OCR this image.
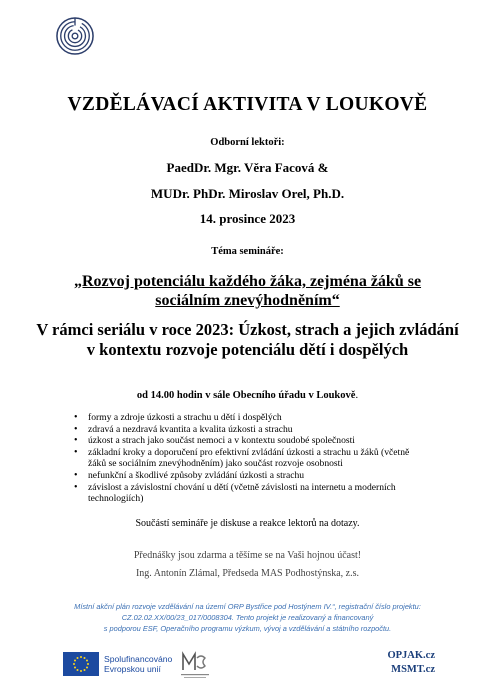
VZDĚLÁVACÍ AKTIVITA V LOUKOVĚ
Odborní lektoři:
PaedDr. Mgr. Věra Facová &
MUDr. PhDr. Miroslav Orel, Ph.D.
14. prosince 2023
Téma semináře:
„Rozvoj potenciálu každého žáka, zejména žáků se sociálním znevýhodněním“
V rámci seriálu v roce 2023: Úzkost, strach a jejich zvládání v kontextu rozvoje potenciálu dětí i dospělých
od 14.00 hodin v sále Obecního úřadu v Loukově.
• formy a zdroje úzkosti a strachu u dětí i dospělých
• zdravá a nezdravá kvantita a kvalita úzkosti a strachu
• úzkost a strach jako součást nemoci a v kontextu soudobé společnosti
• základní kroky a doporučení pro efektivní zvládání úzkosti a strachu u žáků (včetně žáků se sociálním znevýhodněním) jako součást rozvoje osobnosti
• nefunkční a škodlivé způsoby zvládání úzkosti a strachu
• závislost a závislostní chování u dětí (včetně závislosti na internetu a moderních technologiích)
Součástí semináře je diskuse a reakce lektorů na dotazy.
Přednášky jsou zdarma a těšíme se na Vaši hojnou účast!
Ing. Antonín Zlámal, Předseda MAS Podhostýnska, z.s.
Místní akční plán rozvoje vzdělávání na území ORP Bystřice pod Hostýnem IV.“, registrační číslo projektu:
CZ.02.02.XX/00/23_017/0008304. Tento projekt je realizovaný a financovaný
s podporou ESF, Operačního programu výzkum, vývoj a vzdělávání a státního rozpočtu.
Spolufinancováno
Evropskou unií
OPJAK.cz
MSMT.cz
